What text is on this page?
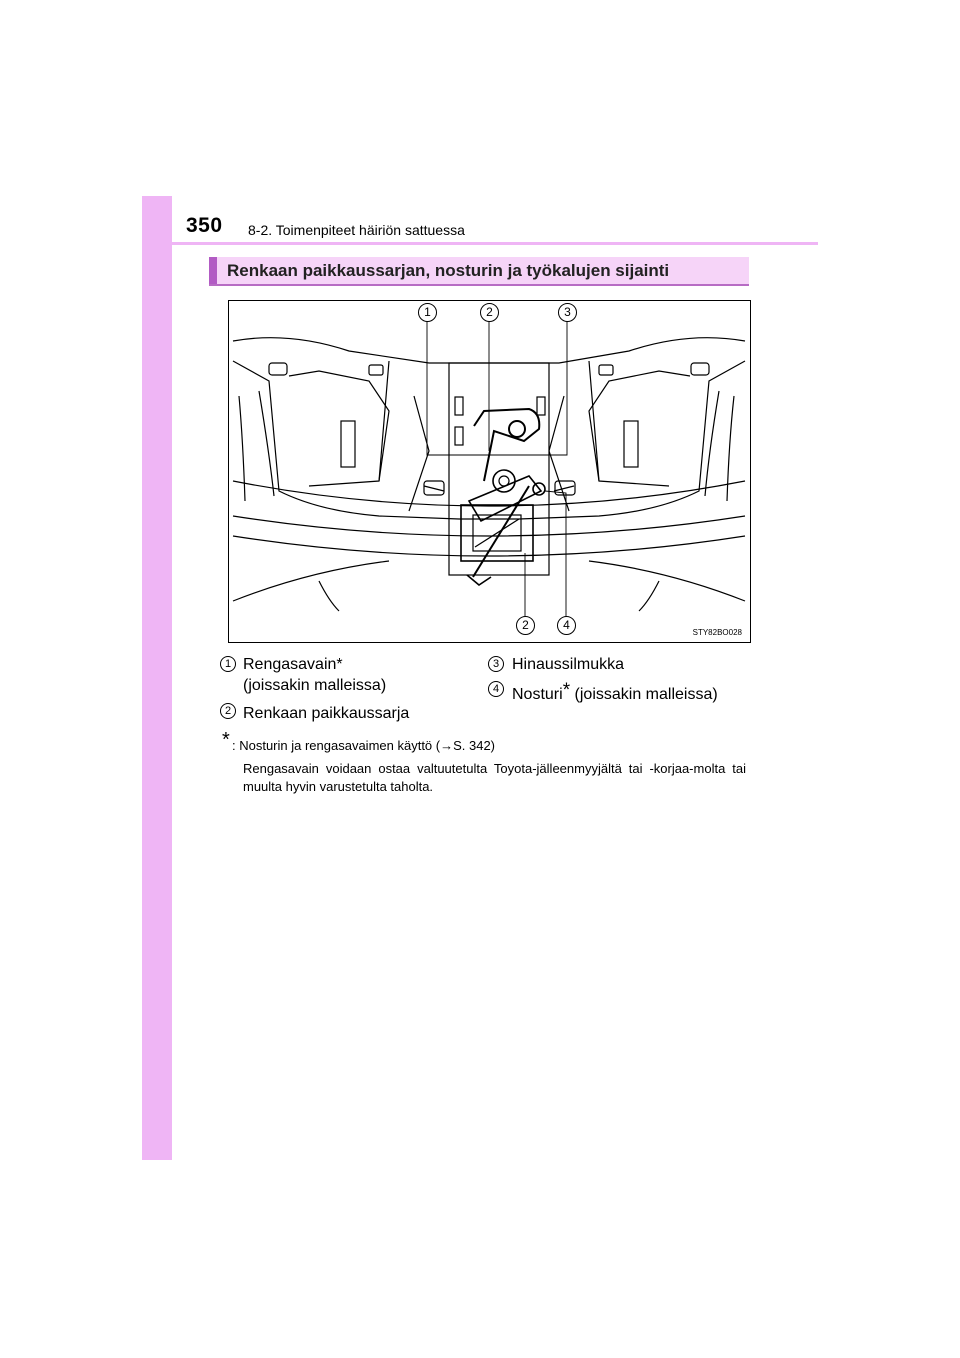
350 8-2. Toimenpiteet häiriön sattuessa
Renkaan paikkaussarjan, nosturin ja työkalujen sijainti
1	2	3
2	4
STY82BO028
1 Rengasavain*
(joissakin malleissa)
2 Renkaan paikkaussarja
3 Hinaussilmukka
4 Nosturi* (joissakin malleissa)
* : Nosturin ja rengasavaimen käyttö (→S. 342)
Rengasavain voidaan ostaa valtuutetulta Toyota-jälleenmyyjältä tai -korjaa-molta tai muulta hyvin varustetulta taholta.
